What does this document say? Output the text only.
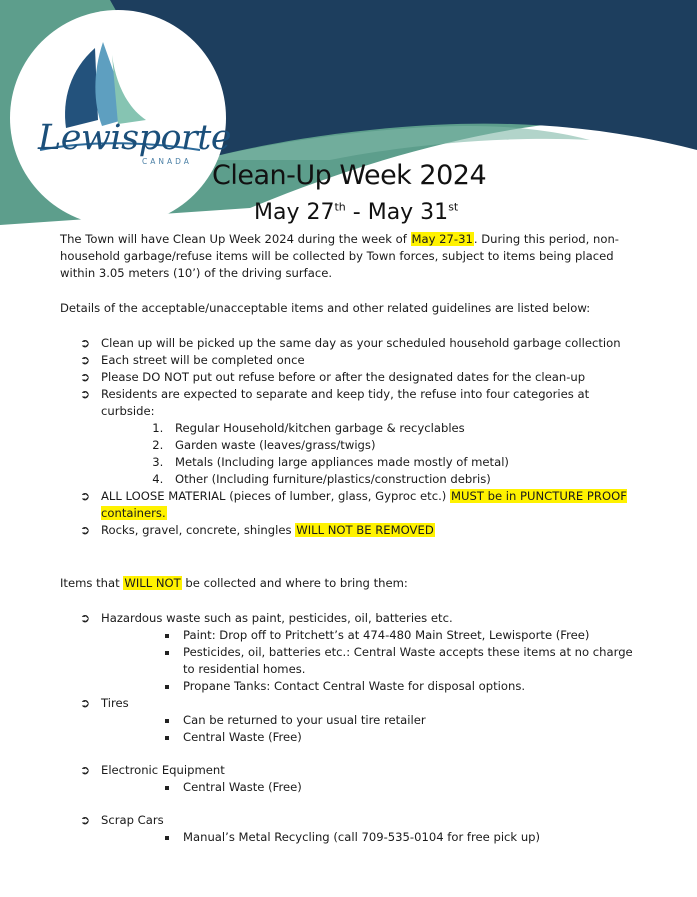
Lewisporte
CANADA Clean-Up Week 2024
May 27th - May 31st

The Town will have Clean Up Week 2024 during the week of May 27-31. During this period, non-household garbage/refuse items will be collected by Town forces, subject to items being placed within 3.05 meters (10’) of the driving surface.

Details of the acceptable/unacceptable items and other related guidelines are listed below:

➲ Clean up will be picked up the same day as your scheduled household garbage collection
➲ Each street will be completed once
➲ Please DO NOT put out refuse before or after the designated dates for the clean-up
➲ Residents are expected to separate and keep tidy, the refuse into four categories at curbside:
1. Regular Household/kitchen garbage & recyclables
2. Garden waste (leaves/grass/twigs)
3. Metals (Including large appliances made mostly of metal)
4. Other (Including furniture/plastics/construction debris)
➲ ALL LOOSE MATERIAL (pieces of lumber, glass, Gyproc etc.) MUST be in PUNCTURE PROOF containers.
➲ Rocks, gravel, concrete, shingles WILL NOT BE REMOVED

Items that WILL NOT be collected and where to bring them:

➲ Hazardous waste such as paint, pesticides, oil, batteries etc.
Paint: Drop off to Pritchett’s at 474-480 Main Street, Lewisporte (Free)
Pesticides, oil, batteries etc.: Central Waste accepts these items at no charge to residential homes.
Propane Tanks: Contact Central Waste for disposal options.
➲ Tires
Can be returned to your usual tire retailer
Central Waste (Free)
➲ Electronic Equipment
Central Waste (Free)
➲ Scrap Cars
Manual’s Metal Recycling (call 709-535-0104 for free pick up)
